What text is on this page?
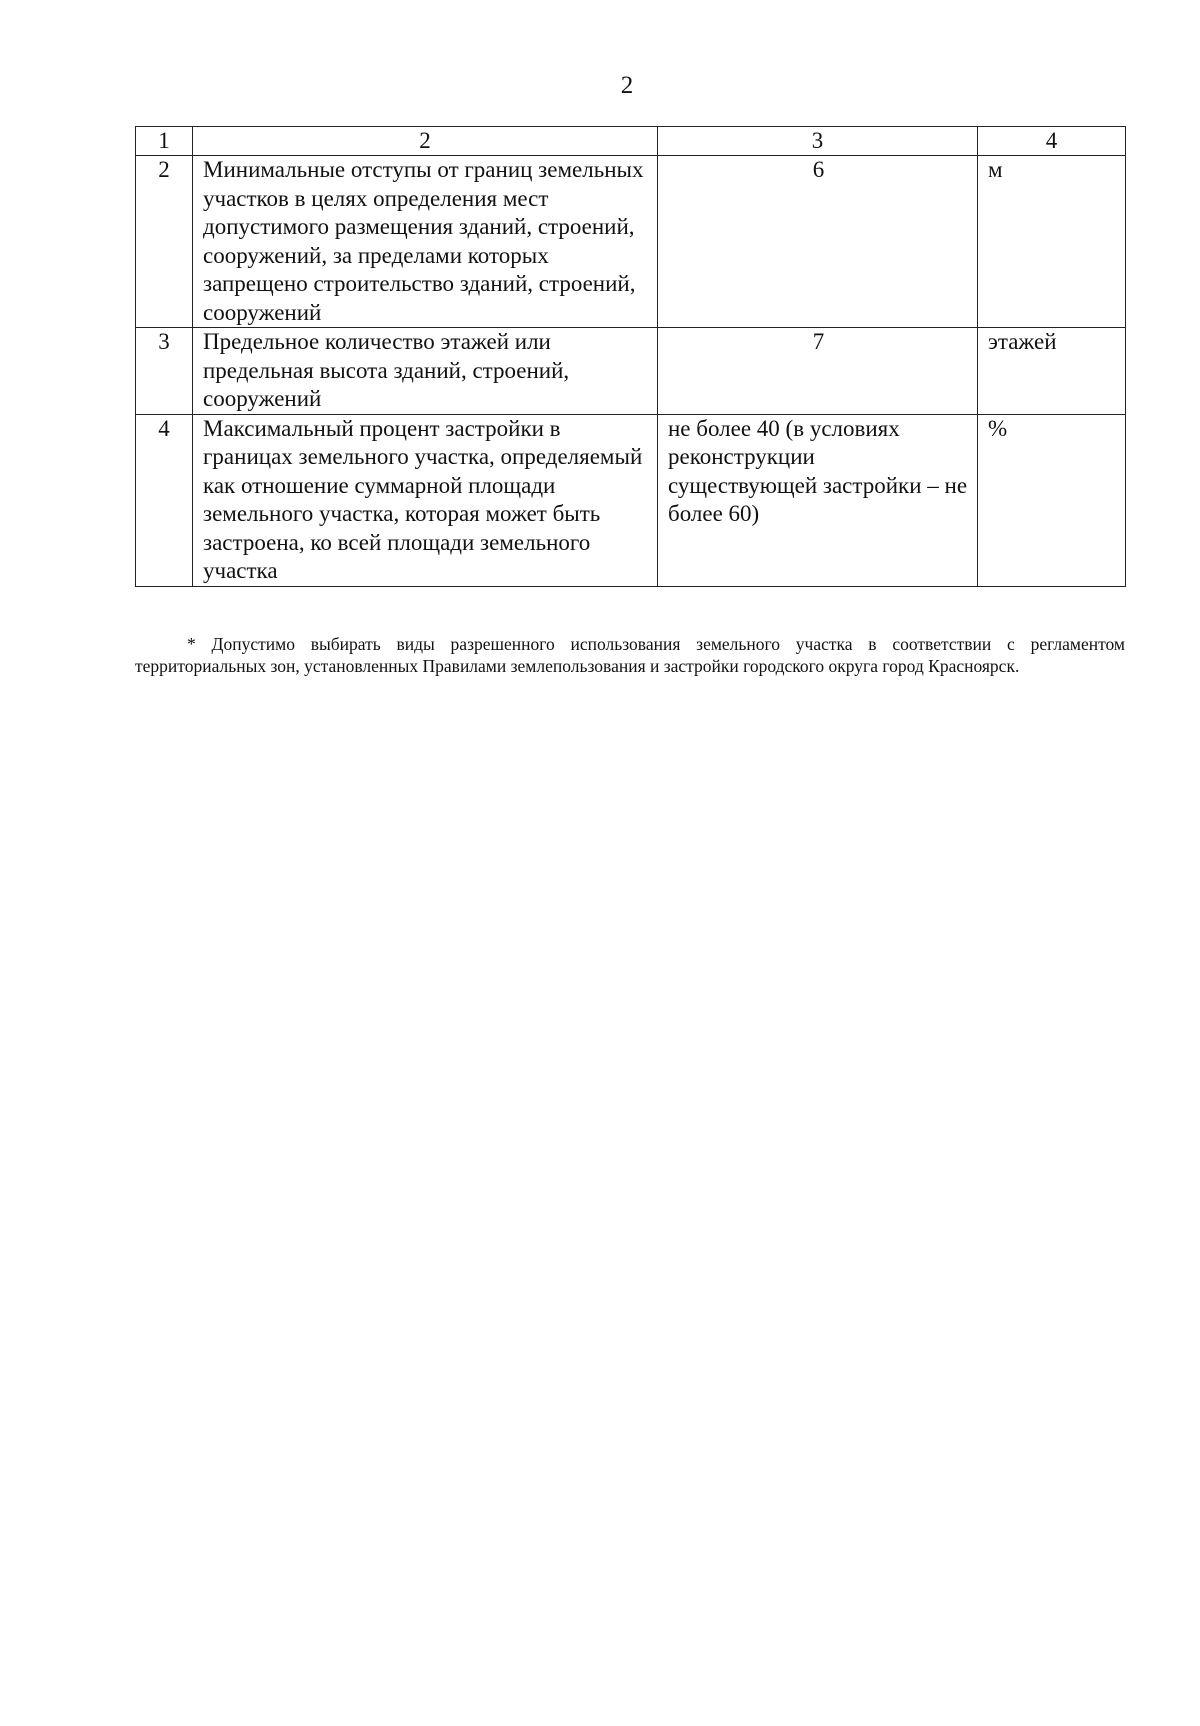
2
1	2	3	4
2	Минимальные отступы от границ земельных участков в целях определения мест допустимого размещения зданий, строений, сооружений, за пределами которых запрещено строительство зданий, строений, сооружений	6	м
3	Предельное количество этажей или предельная высота зданий, строений, сооружений	7	этажей
4	Максимальный процент застройки в границах земельного участка, определяемый как отношение суммарной площади земельного участка, которая может быть застроена, ко всей площади земельного участка	не более 40 (в условиях реконструкции существующей застройки – не более 60)	%

* Допустимо выбирать виды разрешенного использования земельного участка в соответствии с регламентом территориальных зон, установленных Правилами землепользования и застройки городского округа город Красноярск.
